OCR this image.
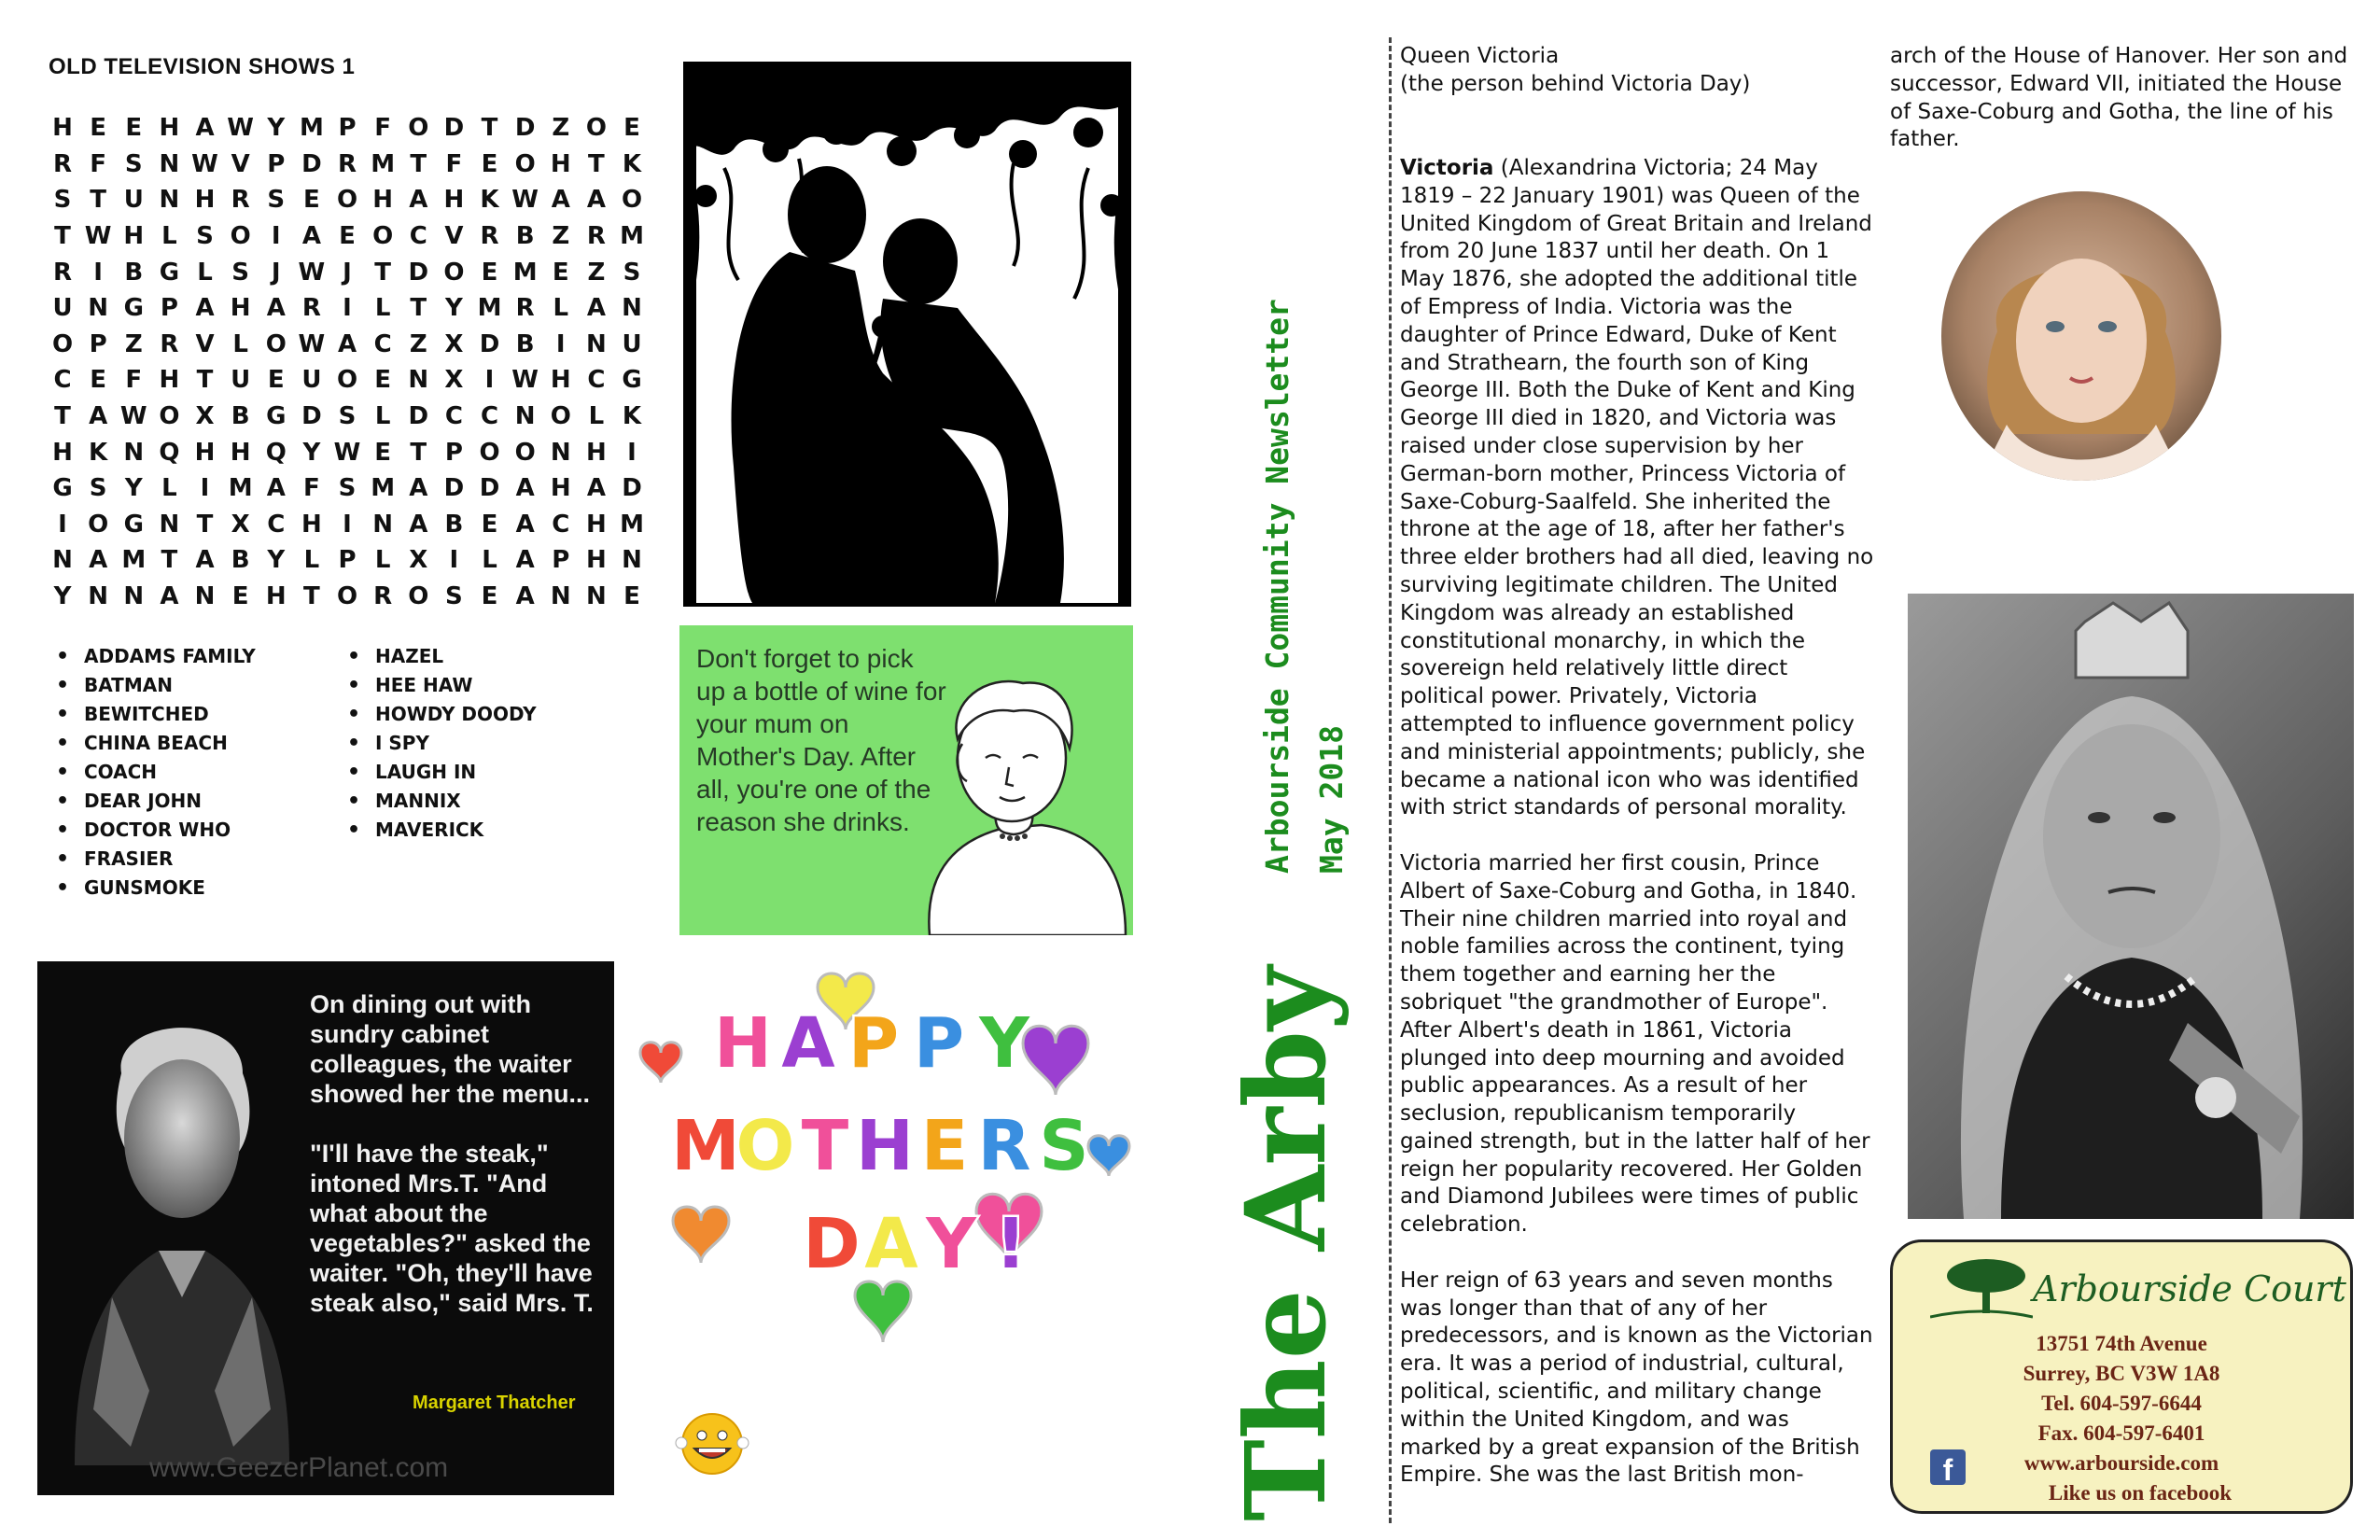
OLD TELEVISION SHOWS 1
H E E H A W Y M P F O D T D Z O E
R F S N W V P D R M T F E O H T K
S T U N H R S E O H A H K W A A O
T W H L S O I A E O C V R B Z R M
R I B G L S J W J T D O E M E Z S
U N G P A H A R I L T Y M R L A N
O P Z R V L O W A C Z X D B I N U
C E F H T U E U O E N X I W H C G
T A W O X B G D S L D C C N O L K
H K N Q H H Q Y W E T P O O N H I
G S Y L I M A F S M A D D A H A D
I O G N T X C H I N A B E A C H M
N A M T A B Y L P L X I L A P H N
Y N N A N E H T O R O S E A N N E
• ADDAMS FAMILY
• BATMAN
• BEWITCHED
• CHINA BEACH
• COACH
• DEAR JOHN
• DOCTOR WHO
• FRASIER
• GUNSMOKE
• HAZEL
• HEE HAW
• HOWDY DOODY
• I SPY
• LAUGH IN
• MANNIX
• MAVERICK
Don't forget to pick up a bottle of wine for your mum on Mother's Day. After all, you're one of the reason she drinks.

On dining out with sundry cabinet colleagues, the waiter showed her the menu...

"I'll have the steak," intoned Mrs.T. "And what about the vegetables?" asked the waiter. "Oh, they'll have steak also," said Mrs. T.

Margaret Thatcher
www.GeezerPlanet.com
H A P P Y
M
O T H E R S
D A Y !
Arbourside Community Newsletter May 2018
The Arby
Queen Victoria
(the person behind Victoria Day)

Victoria (Alexandrina Victoria; 24 May 1819 – 22 January 1901) was Queen of the United Kingdom of Great Britain and Ireland from 20 June 1837 until her death. On 1 May 1876, she adopted the additional title of Empress of India. Victoria was the daughter of Prince Edward, Duke of Kent and Strathearn, the fourth son of King George III. Both the Duke of Kent and King George III died in 1820, and Victoria was raised under close supervision by her German-born mother, Princess Victoria of Saxe-Coburg-Saalfeld. She inherited the throne at the age of 18, after her father's three elder brothers had all died, leaving no surviving legitimate children. The United Kingdom was already an established constitutional monarchy, in which the sovereign held relatively little direct political power. Privately, Victoria attempted to influence government policy and ministerial appointments; publicly, she became a national icon who was identified with strict standards of personal morality.

Victoria married her first cousin, Prince Albert of Saxe-Coburg and Gotha, in 1840. Their nine children married into royal and noble families across the continent, tying them together and earning her the sobriquet "the grandmother of Europe". After Albert's death in 1861, Victoria plunged into deep mourning and avoided public appearances. As a result of her seclusion, republicanism temporarily gained strength, but in the latter half of her reign her popularity recovered. Her Golden and Diamond Jubilees were times of public celebration.

Her reign of 63 years and seven months was longer than that of any of her predecessors, and is known as the Victorian era. It was a period of industrial, cultural, political, scientific, and military change within the United Kingdom, and was marked by a great expansion of the British Empire. She was the last British mon-

arch of the House of Hanover. Her son and successor, Edward VII, initiated the House of Saxe-Coburg and Gotha, the line of his father.
Arbourside Court
13751 74th Avenue
Surrey, BC V3W 1A8
Tel. 604-597-6644
Fax. 604-597-6401
www.arbourside.com
Like us on facebook
f
